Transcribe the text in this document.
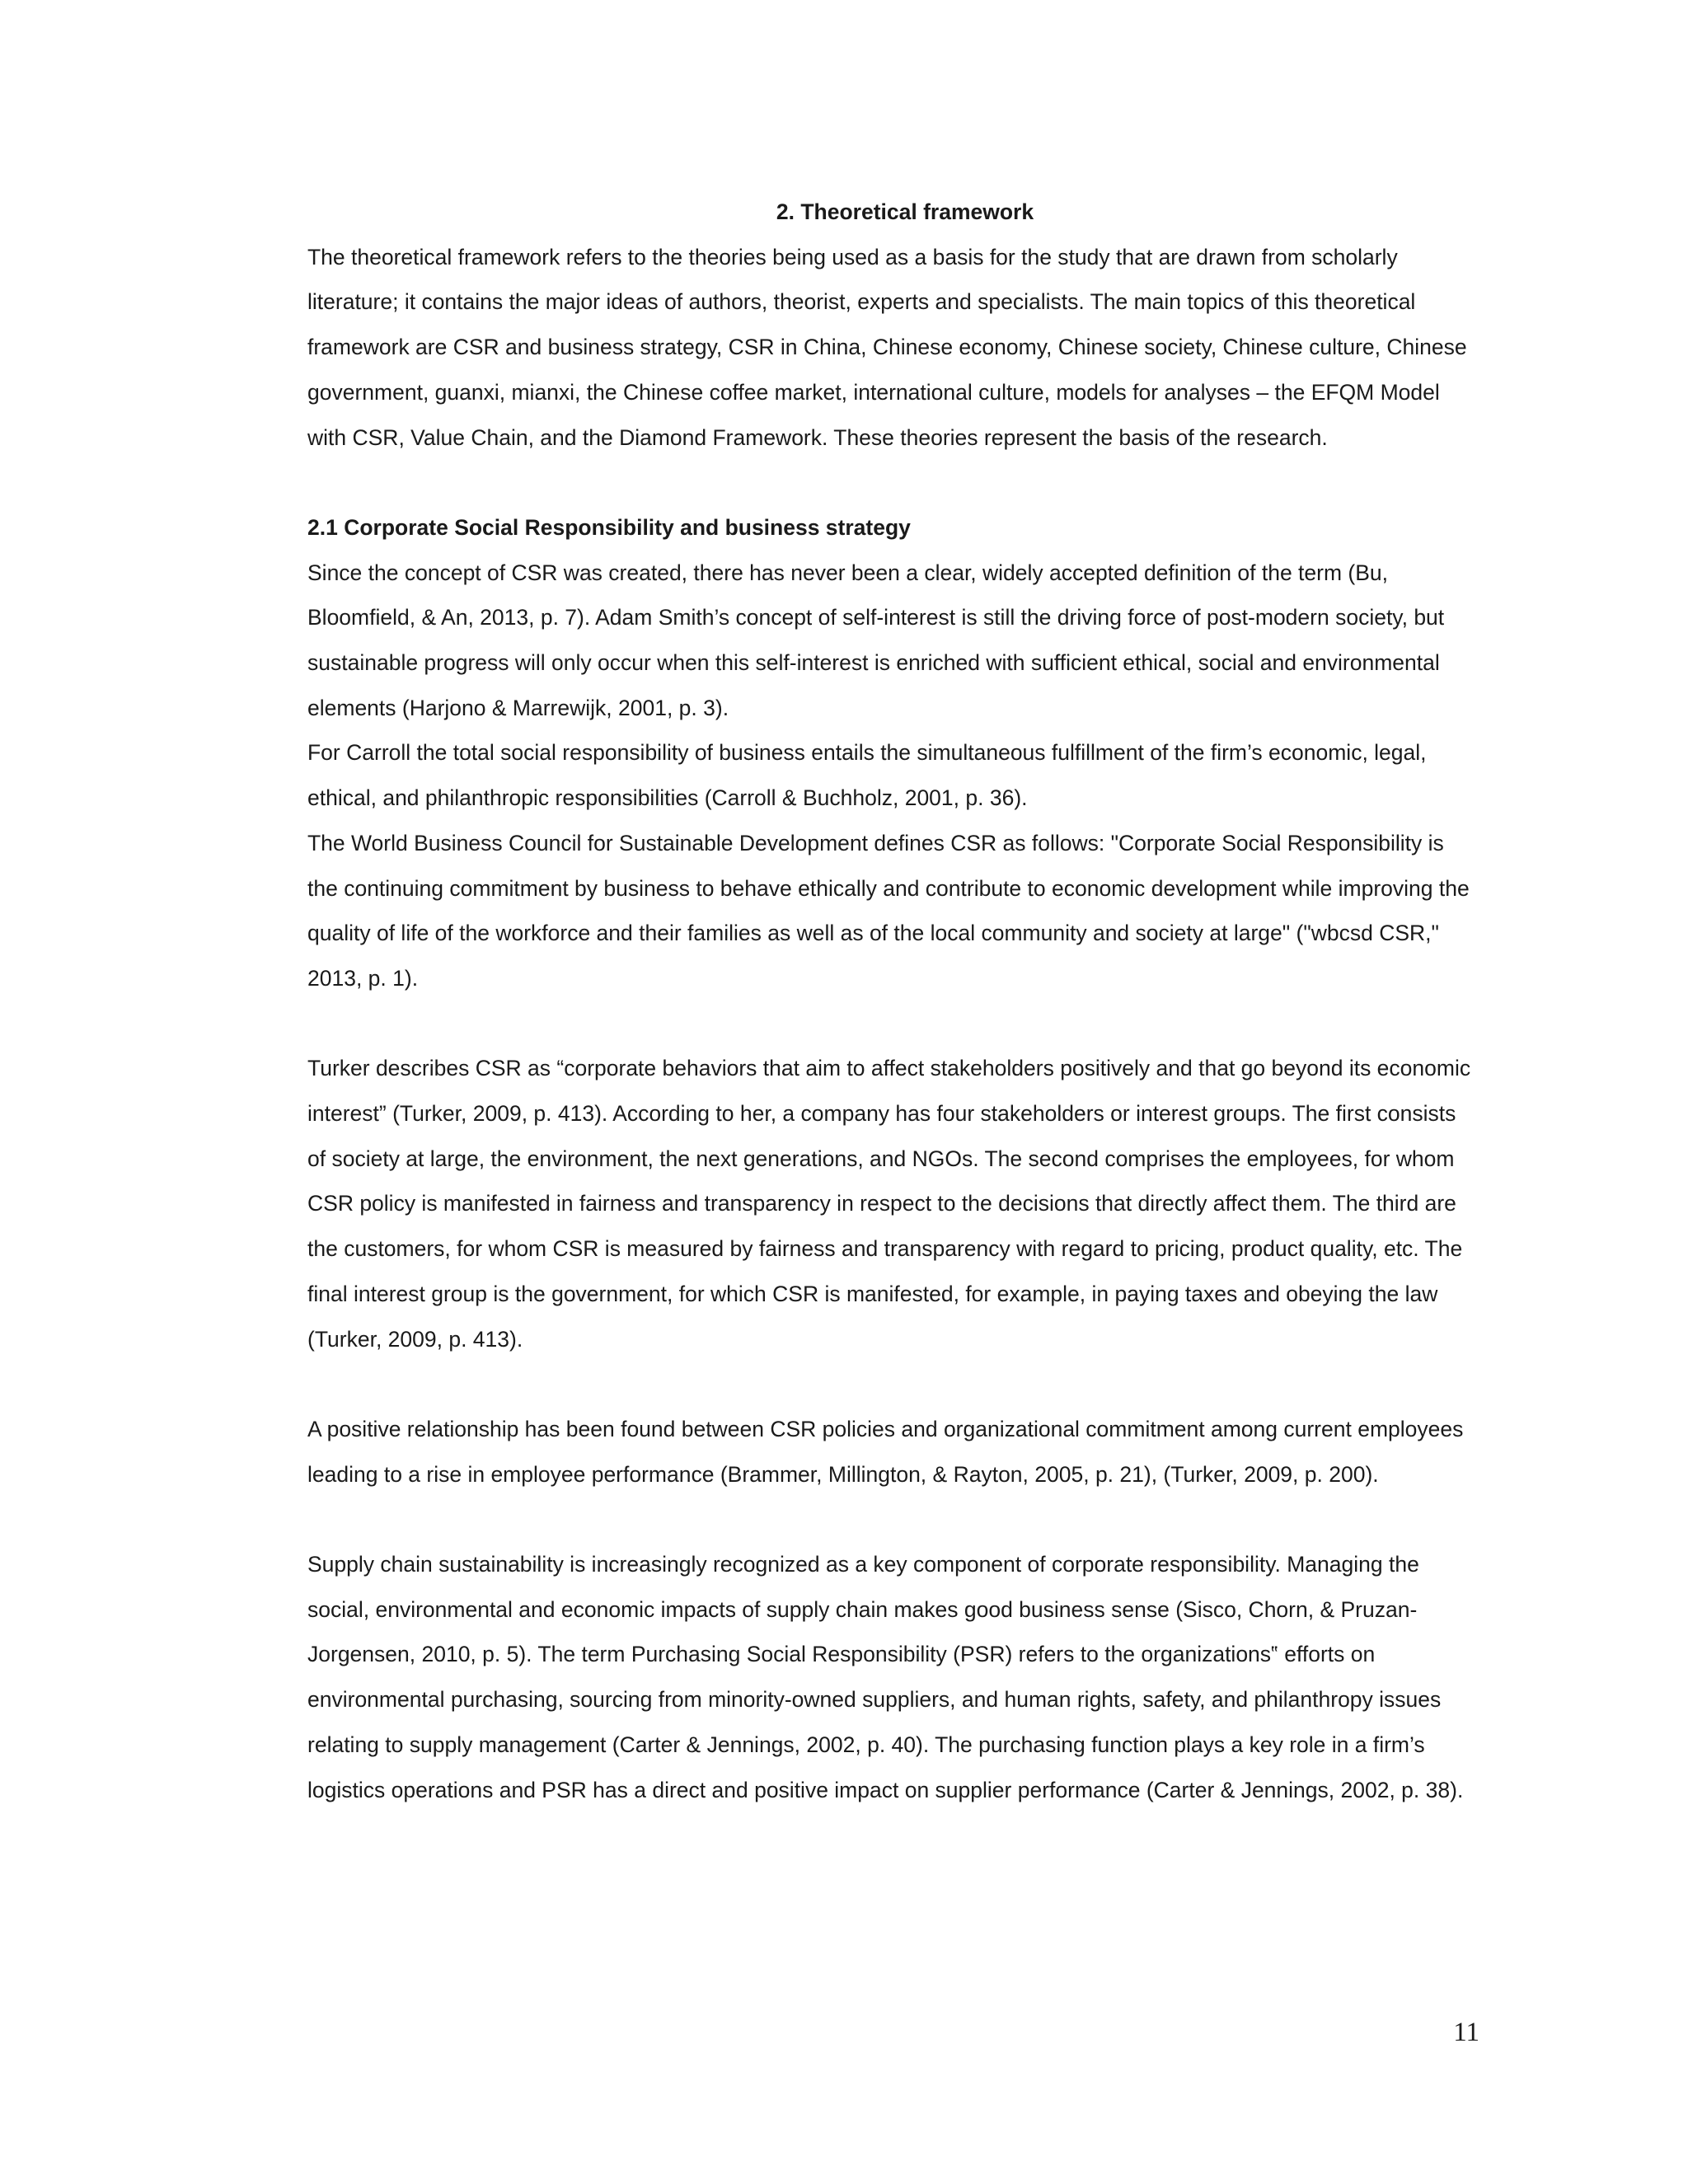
2. Theoretical framework

The theoretical framework refers to the theories being used as a basis for the study that are drawn from scholarly literature; it contains the major ideas of authors, theorist, experts and specialists. The main topics of this theoretical framework are CSR and business strategy, CSR in China, Chinese economy, Chinese society, Chinese culture, Chinese government, guanxi, mianxi, the Chinese coffee market, international culture, models for analyses – the EFQM Model with CSR, Value Chain, and the Diamond Framework. These theories represent the basis of the research.

2.1 Corporate Social Responsibility and business strategy

Since the concept of CSR was created, there has never been a clear, widely accepted definition of the term (Bu, Bloomfield, & An, 2013, p. 7). Adam Smith’s concept of self-interest is still the driving force of post-modern society, but sustainable progress will only occur when this self-interest is enriched with sufficient ethical, social and environmental elements (Harjono & Marrewijk, 2001, p. 3).

For Carroll the total social responsibility of business entails the simultaneous fulfillment of the firm’s economic, legal, ethical, and philanthropic responsibilities (Carroll & Buchholz, 2001, p. 36).

The World Business Council for Sustainable Development defines CSR as follows: "Corporate Social Responsibility is the continuing commitment by business to behave ethically and contribute to economic development while improving the quality of life of the workforce and their families as well as of the local community and society at large" ("wbcsd CSR," 2013, p. 1).

Turker describes CSR as “corporate behaviors that aim to affect stakeholders positively and that go beyond its economic interest” (Turker, 2009, p. 413). According to her, a company has four stakeholders or interest groups. The first consists of society at large, the environment, the next generations, and NGOs. The second comprises the employees, for whom CSR policy is manifested in fairness and transparency in respect to the decisions that directly affect them. The third are the customers, for whom CSR is measured by fairness and transparency with regard to pricing, product quality, etc. The final interest group is the government, for which CSR is manifested, for example, in paying taxes and obeying the law (Turker, 2009, p. 413).

A positive relationship has been found between CSR policies and organizational commitment among current employees leading to a rise in employee performance (Brammer, Millington, & Rayton, 2005, p. 21), (Turker, 2009, p. 200).

Supply chain sustainability is increasingly recognized as a key component of corporate responsibility. Managing the social, environmental and economic impacts of supply chain makes good business sense (Sisco, Chorn, & Pruzan-Jorgensen, 2010, p. 5). The term Purchasing Social Responsibility (PSR) refers to the organizations‟ efforts on environmental purchasing, sourcing from minority-owned suppliers, and human rights, safety, and philanthropy issues relating to supply management (Carter & Jennings, 2002, p. 40). The purchasing function plays a key role in a firm’s logistics operations and PSR has a direct and positive impact on supplier performance (Carter & Jennings, 2002, p. 38).

11
